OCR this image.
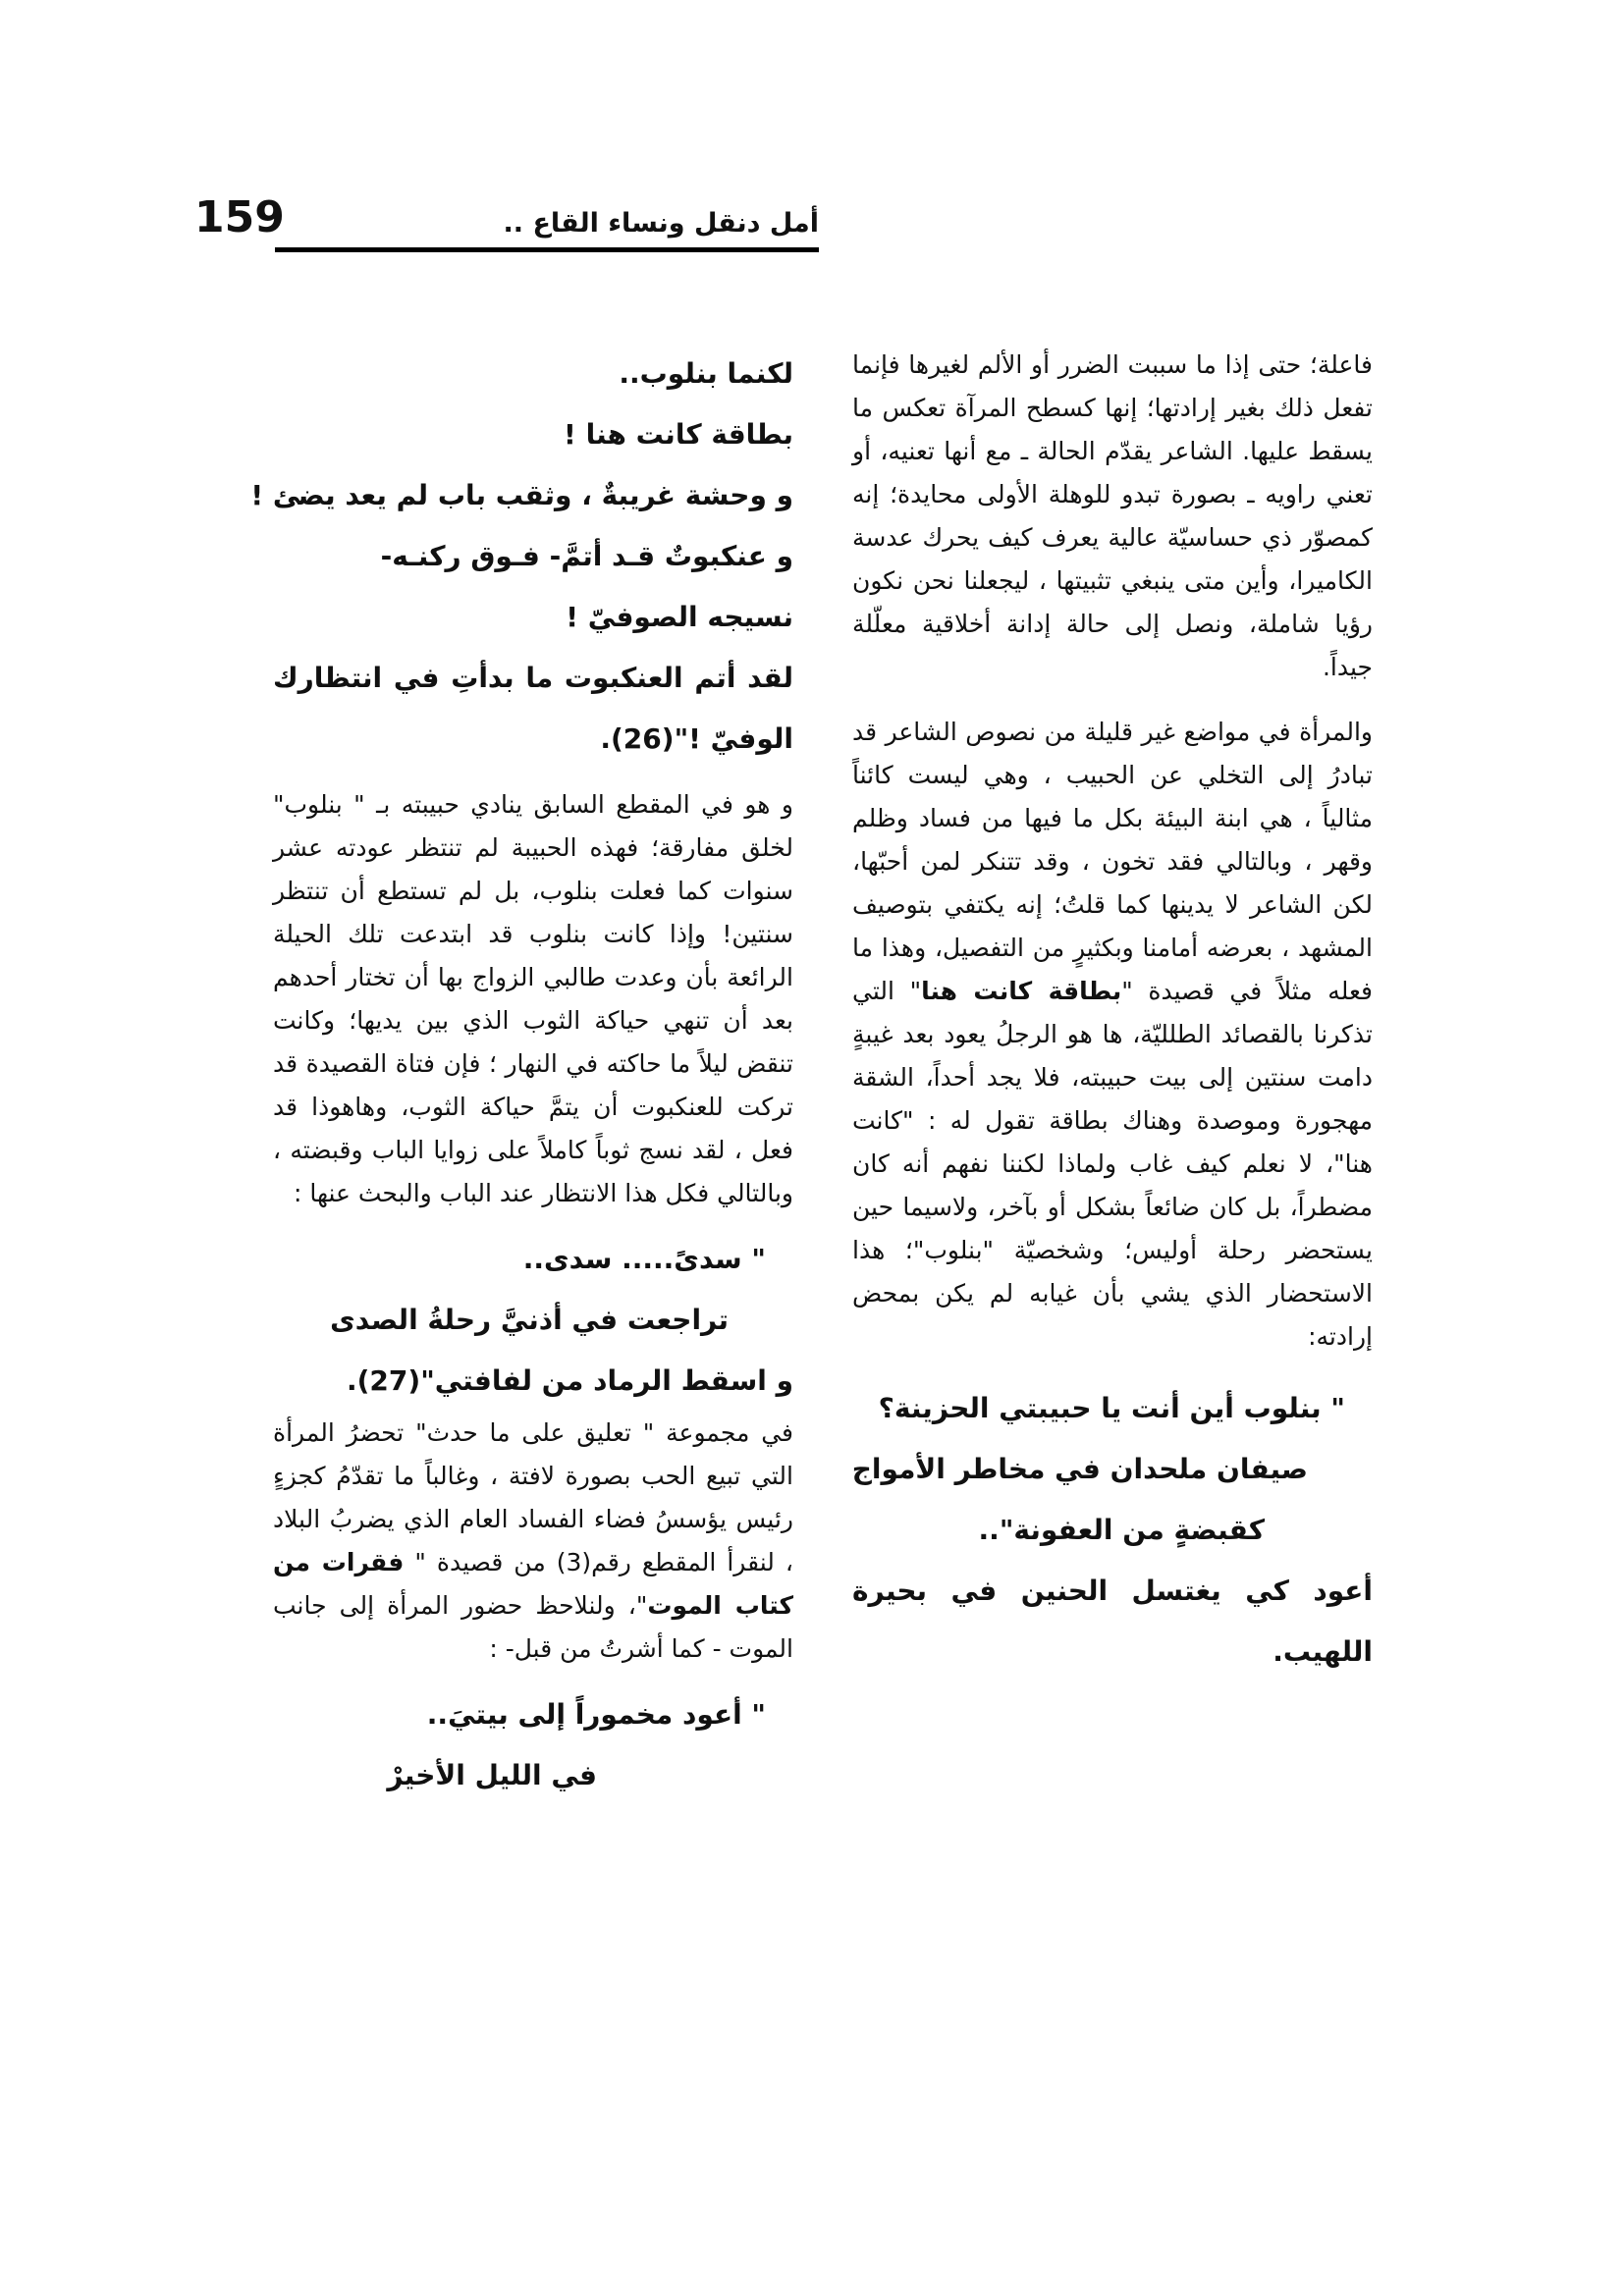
159	أمل دنقل ونساء القاع ..

فاعلة؛ حتى إذا ما سببت الضرر أو الألم لغيرها فإنما تفعل ذلك بغير إرادتها؛ إنها كسطح المرآة تعكس ما يسقط عليها. الشاعر يقدّم الحالة ـ مع أنها تعنيه، أو تعني راويه ـ بصورة تبدو للوهلة الأولى محايدة؛ إنه كمصوّر ذي حساسيّة عالية يعرف كيف يحرك عدسة الكاميرا، وأين متى ينبغي تثبيتها ، ليجعلنا نحن نكون رؤيا شاملة، ونصل إلى حالة إدانة أخلاقية معلّلة جيداً.

والمرأة في مواضع غير قليلة من نصوص الشاعر قد تبادرُ إلى التخلي عن الحبيب ، وهي ليست كائناً مثالياً ، هي ابنة البيئة بكل ما فيها من فساد وظلم وقهر ، وبالتالي فقد تخون ، وقد تتنكر لمن أحبّها، لكن الشاعر لا يدينها كما قلتُ؛ إنه يكتفي بتوصيف المشهد ، بعرضه أمامنا وبكثيرٍ من التفصيل، وهذا ما فعله مثلاً في قصيدة "بطاقة كانت هنا" التي تذكرنا بالقصائد الطلليّة، ها هو الرجلُ يعود بعد غيبةٍ دامت سنتين إلى بيت حبيبته، فلا يجد أحداً، الشقة مهجورة وموصدة وهناك بطاقة تقول له : "كانت هنا"، لا نعلم كيف غاب ولماذا لكننا نفهم أنه كان مضطراً، بل كان ضائعاً بشكل أو بآخر، ولاسيما حين يستحضر رحلة أوليس؛ وشخصيّة "بنلوب"؛ هذا الاستحضار الذي يشي بأن غيابه لم يكن بمحض إرادته:

" بنلوب أين أنت يا حبيبتي الحزينة؟

صيفان ملحدان في مخاطر الأمواج

كقبضةٍ من العفونة"..

أعود كي يغتسل الحنين في بحيرة اللهيب.

لكنما بنلوب..

بطاقة كانت هنا !

و وحشة غريبةٌ ، وثقب باب لم يعد يضئ !

و عنكبوتٌ قـد أتمَّ- فـوق ركنـه-

نسيجه الصوفيّ !

لقد أتم العنكبوت ما بدأتِ في انتظارك الوفيّ !"(26).

و هو في المقطع السابق ينادي حبيبته بـ " بنلوب" لخلق مفارقة؛ فهذه الحبيبة لم تنتظر عودته عشر سنوات كما فعلت بنلوب، بل لم تستطع أن تنتظر سنتين! وإذا كانت بنلوب قد ابتدعت تلك الحيلة الرائعة بأن وعدت طالبي الزواج بها أن تختار أحدهم بعد أن تنهي حياكة الثوب الذي بين يديها؛ وكانت تنقض ليلاً ما حاكته في النهار ؛ فإن فتاة القصيدة قد تركت للعنكبوت أن يتمَّ حياكة الثوب، وهاهوذا قد فعل ، لقد نسج ثوباً كاملاً على زوايا الباب وقبضته ، وبالتالي فكل هذا الانتظار عند الباب والبحث عنها :

" سدىً..... سدى..

تراجعت في أذنيَّ رحلةُ الصدى

و اسقط الرماد من لفافتي"(27).

في مجموعة " تعليق على ما حدث" تحضرُ المرأة التي تبيع الحب بصورة لافتة ، وغالباً ما تقدّمُ كجزءٍ رئيس يؤسسُ فضاء الفساد العام الذي يضربُ البلاد ، لنقرأ المقطع رقم(3) من قصيدة " فقرات من كتاب الموت"، ولنلاحظ حضور المرأة إلى جانب الموت - كما أشرتُ من قبل- :

" أعود مخموراً إلى بيتيَ..

في الليل الأخيرْ
